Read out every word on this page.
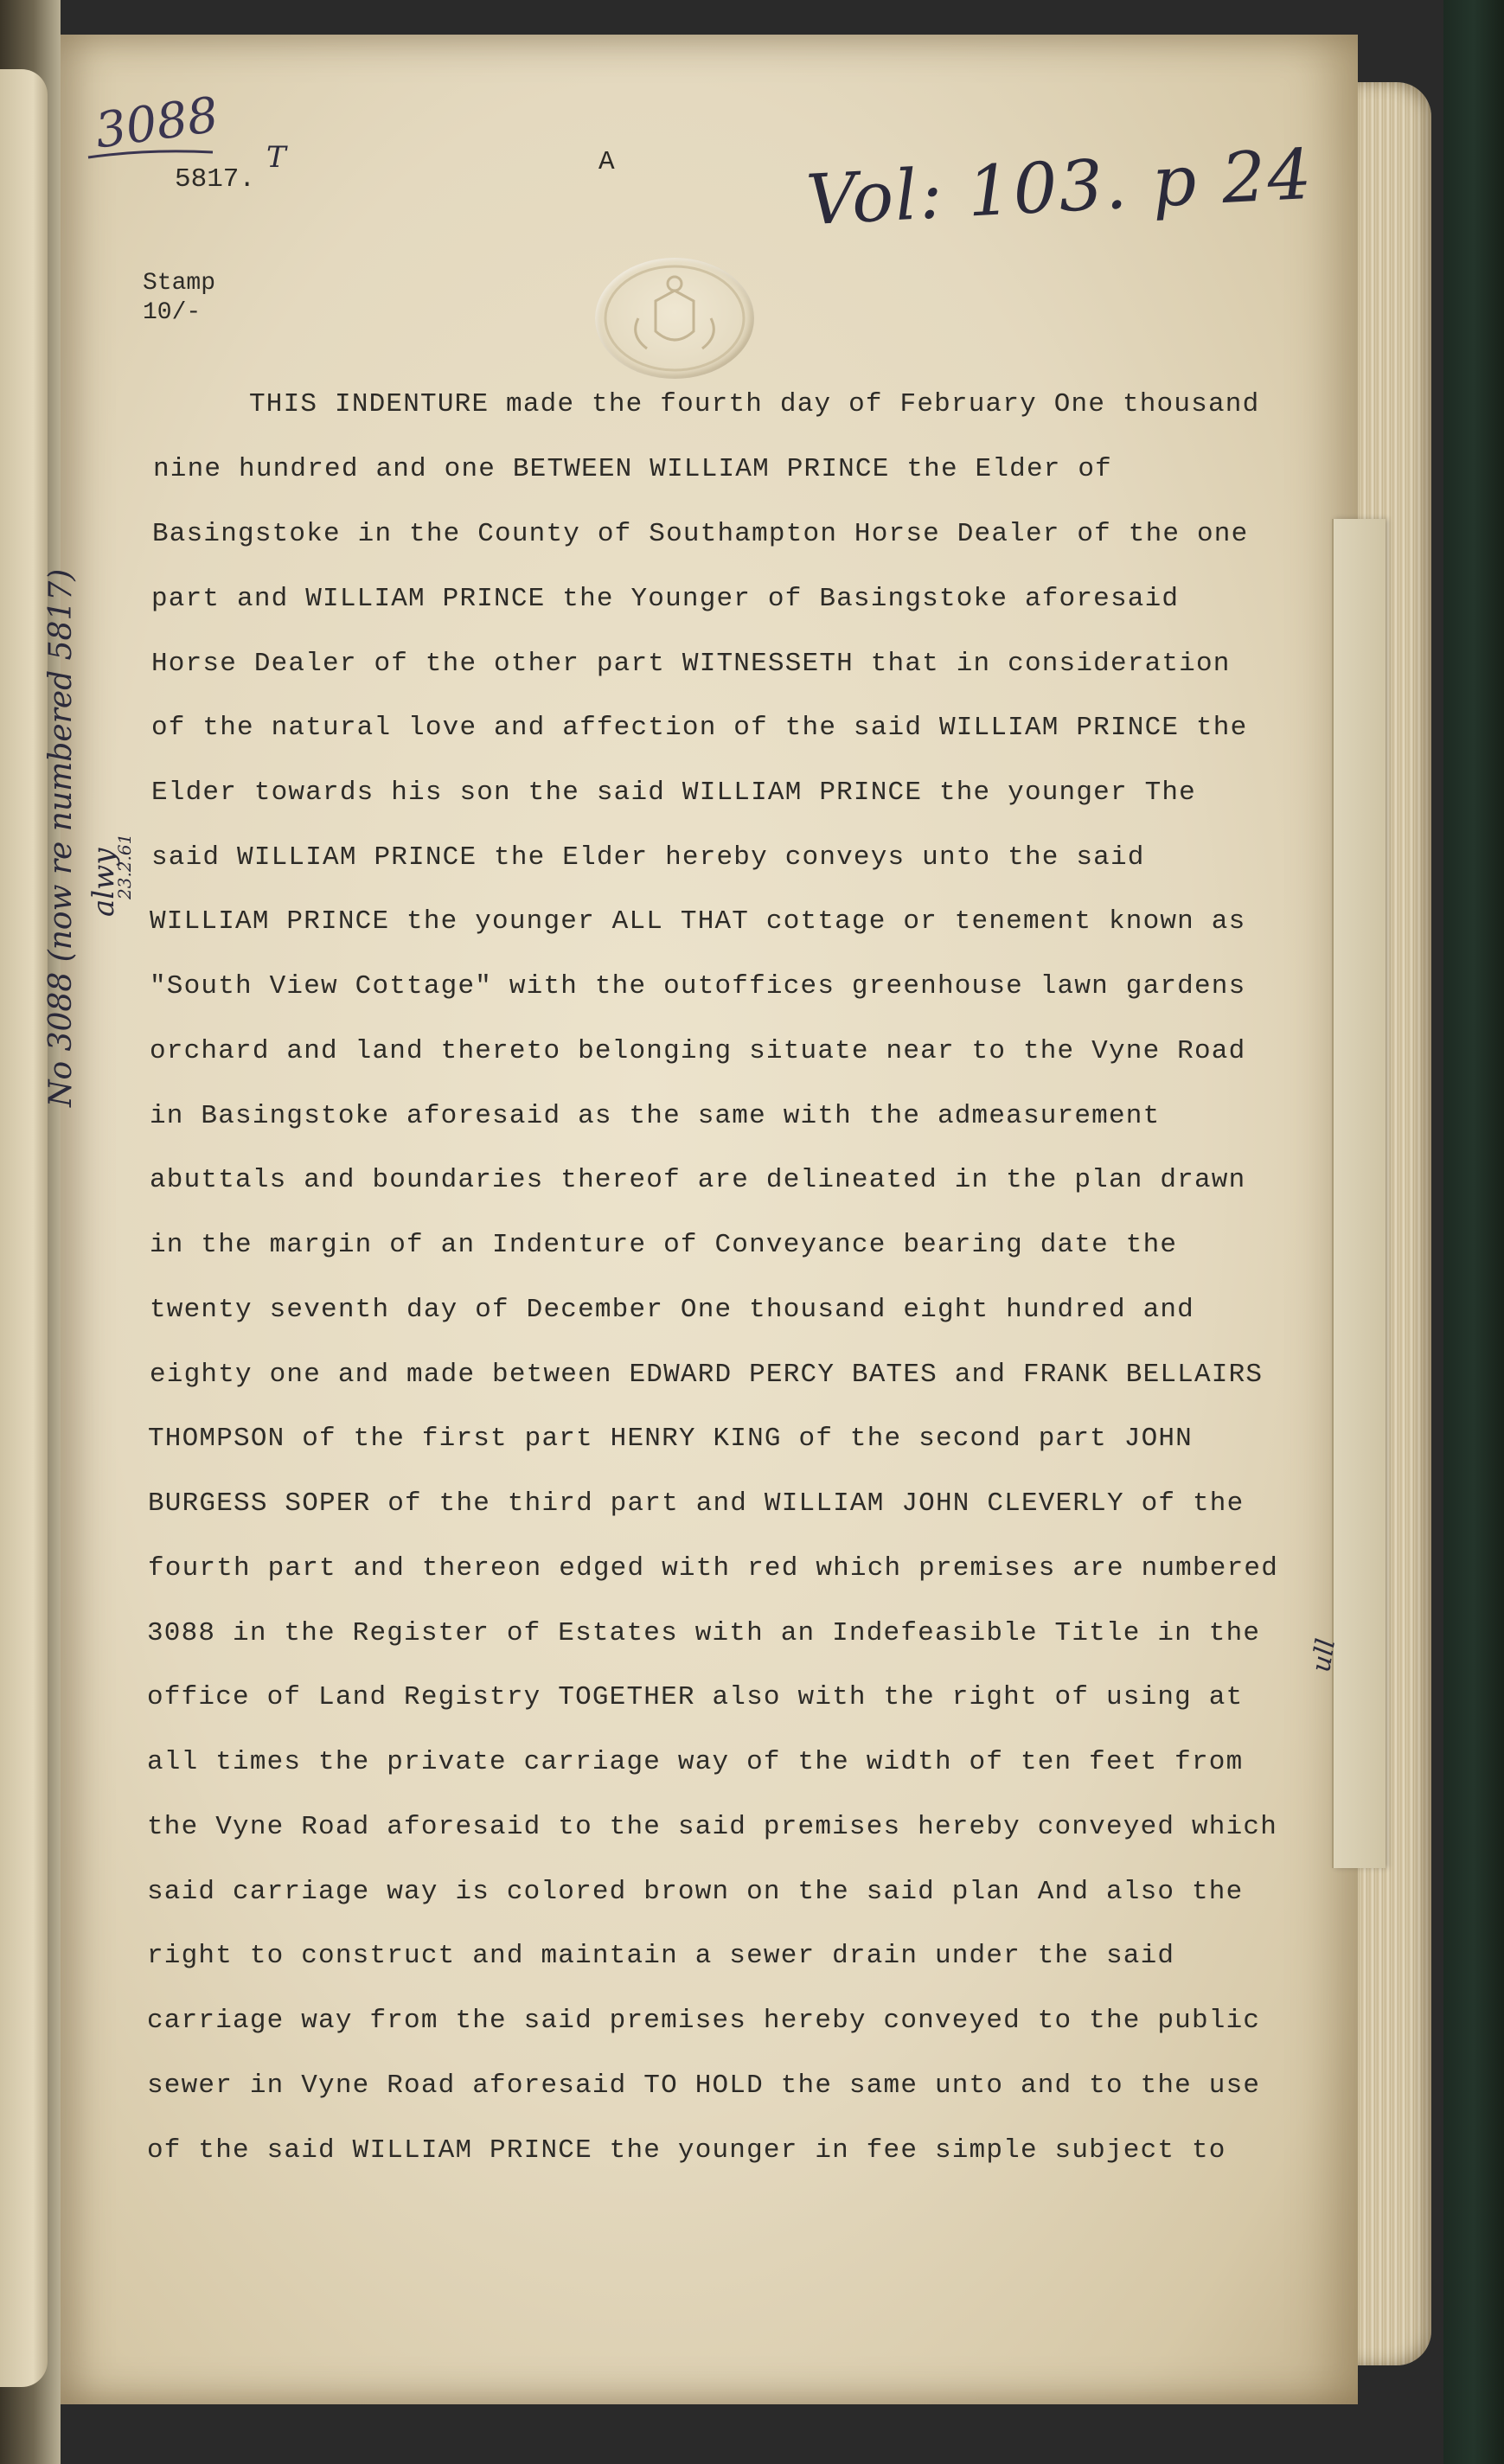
3088
5817.
T	A	Vol: 103. p 24
Stamp
10/-
No 3088 (now re numbered 5817) alwy
23.2.61
THIS INDENTURE made the fourth day of February One thousand
nine hundred and one BETWEEN WILLIAM PRINCE the Elder of
Basingstoke in the County of Southampton Horse Dealer of the one
part and WILLIAM PRINCE the Younger of Basingstoke aforesaid
Horse Dealer of the other part WITNESSETH that in consideration
of the natural love and affection of the said WILLIAM PRINCE the
Elder towards his son the said WILLIAM PRINCE the younger The
said WILLIAM PRINCE the Elder hereby conveys unto the said
WILLIAM PRINCE the younger ALL THAT cottage or tenement known as
"South View Cottage" with the outoffices greenhouse lawn gardens
orchard and land thereto belonging situate near to the Vyne Road
in Basingstoke aforesaid as the same with the admeasurement
abuttals and boundaries thereof are delineated in the plan drawn
in the margin of an Indenture of Conveyance bearing date the
twenty seventh day of December One thousand eight hundred and
eighty one and made between EDWARD PERCY BATES and FRANK BELLAIRS
THOMPSON of the first part HENRY KING of the second part JOHN
BURGESS SOPER of the third part and WILLIAM JOHN CLEVERLY of the
fourth part and thereon edged with red which premises are numbered
3088 in the Register of Estates with an Indefeasible Title in the
office of Land Registry TOGETHER also with the right of using at
all times the private carriage way of the width of ten feet from
the Vyne Road aforesaid to the said premises hereby conveyed which
said carriage way is colored brown on the said plan And also the
right to construct and maintain a sewer drain under the said
carriage way from the said premises hereby conveyed to the public
sewer in Vyne Road aforesaid TO HOLD the same unto and to the use
of the said WILLIAM PRINCE the younger in fee simple subject to
ull
